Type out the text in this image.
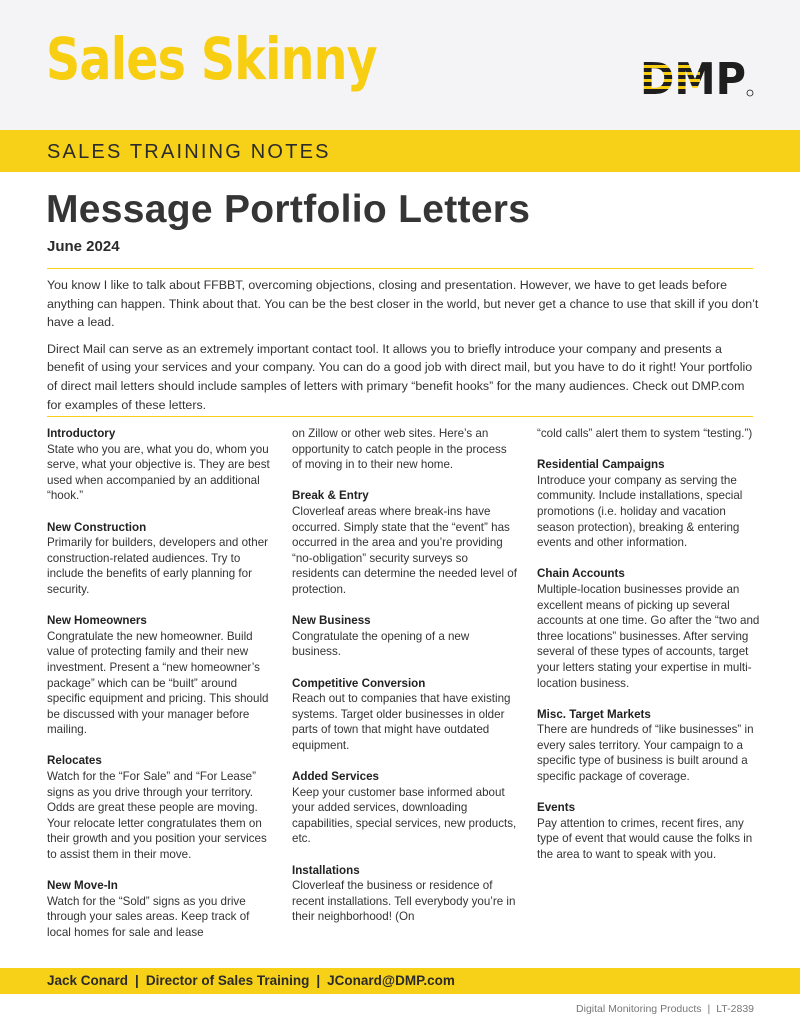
Sales Skinny
SALES TRAINING NOTES
Message Portfolio Letters
June 2024

You know I like to talk about FFBBT, overcoming objections, closing and presentation. However, we have to get leads before anything can happen. Think about that. You can be the best closer in the world, but never get a chance to use that skill if you don’t have a lead.

Direct Mail can serve as an extremely important contact tool. It allows you to briefly introduce your company and presents a benefit of using your services and your company. You can do a good job with direct mail, but you have to do it right! Your portfolio of direct mail letters should include samples of letters with primary “benefit hooks” for the many audiences. Check out DMP.com for examples of these letters.

Introductory
State who you are, what you do, whom you serve, what your objective is. They are best used when accompanied by an additional “hook.”
New Construction
Primarily for builders, developers and other construction-related audiences. Try to include the benefits of early planning for security.
New Homeowners
Congratulate the new homeowner. Build value of protecting family and their new investment. Present a “new homeowner’s package” which can be “built” around specific equipment and pricing. This should be discussed with your manager before mailing.
Relocates
Watch for the “For Sale” and “For Lease” signs as you drive through your territory. Odds are great these people are moving. Your relocate letter congratulates them on their growth and you position your services to assist them in their move.
New Move-In
Watch for the “Sold” signs as you drive through your sales areas. Keep track of local homes for sale and lease
on Zillow or other web sites. Here’s an opportunity to catch people in the process of moving in to their new home.
Break & Entry
Cloverleaf areas where break-ins have occurred. Simply state that the “event” has occurred in the area and you’re providing “no-obligation” security surveys so residents can determine the needed level of protection.
New Business
Congratulate the opening of a new business.
Competitive Conversion
Reach out to companies that have existing systems. Target older businesses in older parts of town that might have outdated equipment.
Added Services
Keep your customer base informed about your added services, downloading capabilities, special services, new products, etc.
Installations
Cloverleaf the business or residence of recent installations. Tell everybody you’re in their neighborhood! (On
“cold calls” alert them to system “testing.”)
Residential Campaigns
Introduce your company as serving the community. Include installations, special promotions (i.e. holiday and vacation season protection), breaking & entering events and other information.
Chain Accounts
Multiple-location businesses provide an excellent means of picking up several accounts at one time. Go after the “two and three locations” businesses. After serving several of these types of accounts, target your letters stating your expertise in multi-location business.
Misc. Target Markets
There are hundreds of “like businesses” in every sales territory. Your campaign to a specific type of business is built around a specific package of coverage.
Events
Pay attention to crimes, recent fires, any type of event that would cause the folks in the area to want to speak with you.
Jack Conard | Director of Sales Training | JConard@DMP.com
Digital Monitoring Products | LT-2839
